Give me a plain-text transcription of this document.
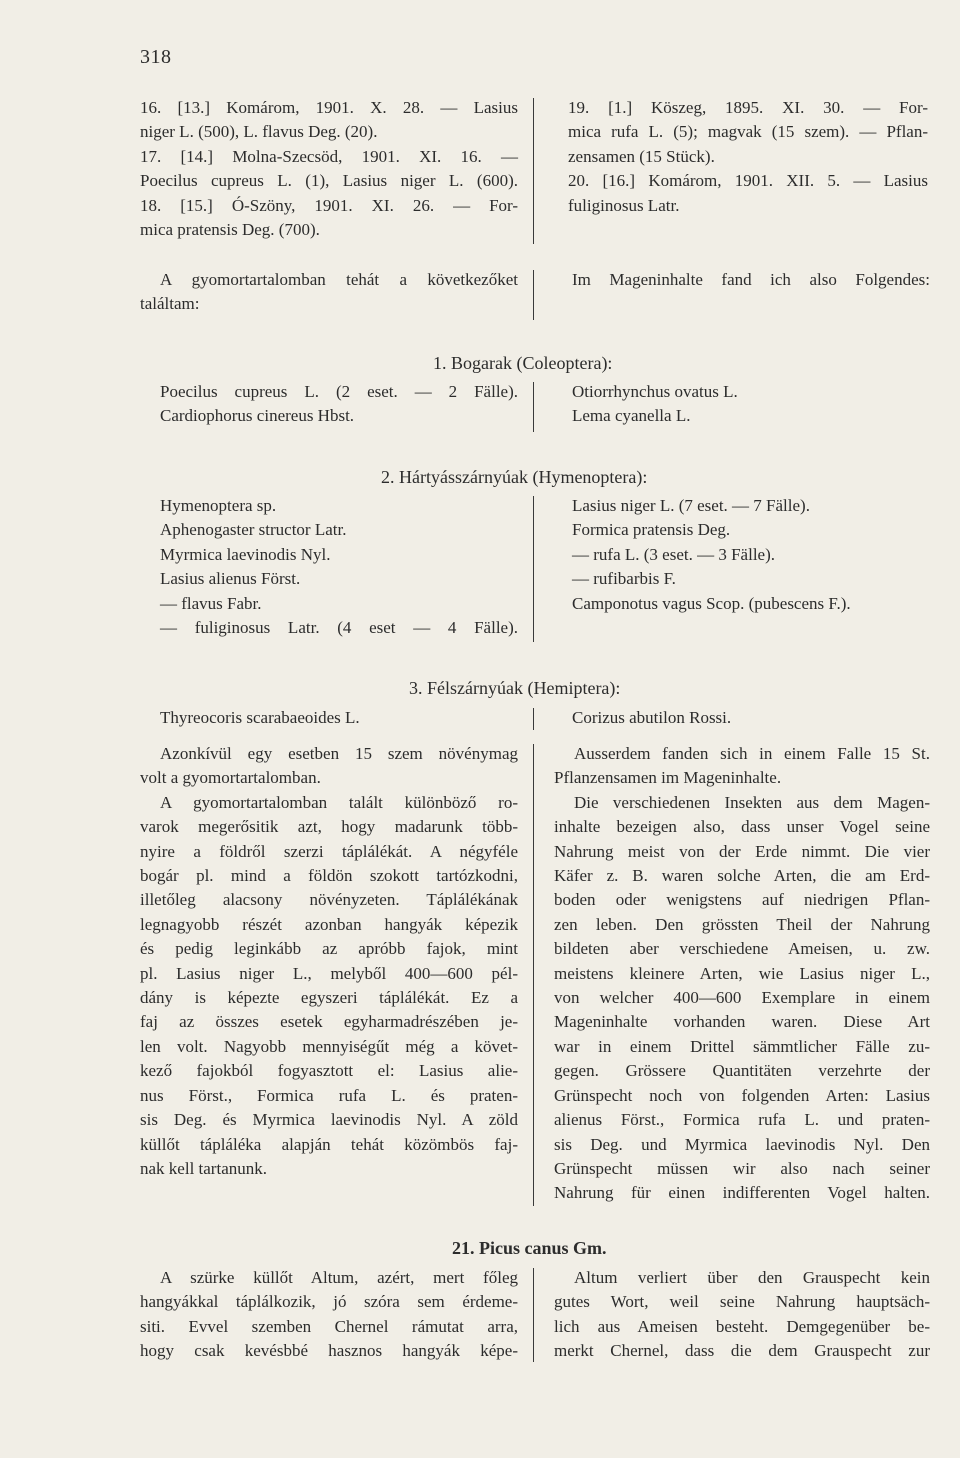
318
16. [13.] Komárom, 1901. X. 28. — Lasius
niger L. (500), L. flavus Deg. (20).
17. [14.] Molna-Szecsöd, 1901. XI. 16. —
Poecilus cupreus L. (1), Lasius niger L. (600).
18. [15.] Ó-Szöny, 1901. XI. 26. — For-
mica pratensis Deg. (700).
19. [1.] Köszeg, 1895. XI. 30. — For-
mica rufa L. (5); magvak (15 szem). — Pflan-
zensamen (15 Stück).
20. [16.] Komárom, 1901. XII. 5. — Lasius
fuliginosus Latr.
A gyomortartalomban tehát a következőket
találtam:
Im Mageninhalte fand ich also Folgendes:
1. Bogarak (Coleoptera):
Poecilus cupreus L. (2 eset. — 2 Fälle).
Cardiophorus cinereus Hbst.
Otiorrhynchus ovatus L.
Lema cyanella L.
2. Hártyásszárnyúak (Hymenoptera):
Hymenoptera sp.
Aphenogaster structor Latr.
Myrmica laevinodis Nyl.
Lasius alienus Först.
— flavus Fabr.
— fuliginosus Latr. (4 eset — 4 Fälle).
Lasius niger L. (7 eset. — 7 Fälle).
Formica pratensis Deg.
— rufa L. (3 eset. — 3 Fälle).
— rufibarbis F.
Camponotus vagus Scop. (pubescens F.).
3. Félszárnyúak (Hemiptera):
Thyreocoris scarabaeoides L.	Corizus abutilon Rossi.
Azonkívül egy esetben 15 szem növénymag
volt a gyomortartalomban.
A gyomortartalomban talált különböző ro-
varok megerősitik azt, hogy madarunk több-
nyire a földről szerzi táplálékát. A négyféle
bogár pl. mind a földön szokott tartózkodni,
illetőleg alacsony növényzeten. Táplálékának
legnagyobb részét azonban hangyák képezik
és pedig leginkább az apróbb fajok, mint
pl. Lasius niger L., melyből 400—600 pél-
dány is képezte egyszeri táplálékát. Ez a
faj az összes esetek egyharmadrészében je-
len volt. Nagyobb mennyiségűt még a követ-
kező fajokból fogyasztott el: Lasius alie-
nus Först., Formica rufa L. és praten-
sis Deg. és Myrmica laevinodis Nyl. A zöld
küllőt tápláléka alapján tehát közömbös faj-
nak kell tartanunk.
Ausserdem fanden sich in einem Falle 15 St.
Pflanzensamen im Mageninhalte.
Die verschiedenen Insekten aus dem Magen-
inhalte bezeigen also, dass unser Vogel seine
Nahrung meist von der Erde nimmt. Die vier
Käfer z. B. waren solche Arten, die am Erd-
boden oder wenigstens auf niedrigen Pflan-
zen leben. Den grössten Theil der Nahrung
bildeten aber verschiedene Ameisen, u. zw.
meistens kleinere Arten, wie Lasius niger L.,
von welcher 400—600 Exemplare in einem
Mageninhalte vorhanden waren. Diese Art
war in einem Drittel sämmtlicher Fälle zu-
gegen. Grössere Quantitäten verzehrte der
Grünspecht noch von folgenden Arten: Lasius
alienus Först., Formica rufa L. und praten-
sis Deg. und Myrmica laevinodis Nyl. Den
Grünspecht müssen wir also nach seiner
Nahrung für einen indifferenten Vogel halten.
21. Picus canus Gm.
A szürke küllőt Altum, azért, mert főleg
hangyákkal táplálkozik, jó szóra sem érdeme-
siti. Evvel szemben Chernel rámutat arra,
hogy csak kevésbbé hasznos hangyák képe-
Altum verliert über den Grauspecht kein
gutes Wort, weil seine Nahrung hauptsäch-
lich aus Ameisen besteht. Demgegenüber be-
merkt Chernel, dass die dem Grauspecht zur
